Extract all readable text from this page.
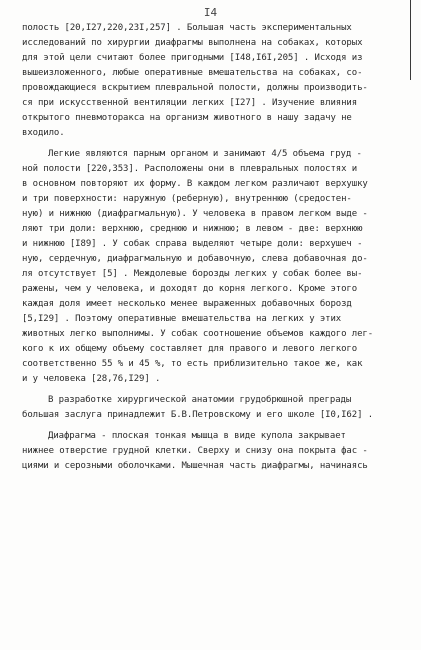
I4
полость [20,I27,220,23I,257] . Большая часть экспериментальных
исследований по хирургии диафрагмы выполнена на собаках, которых
для этой цели считают более пригодными [I48,I6I,205] . Исходя из
вышеизложенного, любые оперативные вмешательства на собаках, со-
провождающиеся вскрытием плевральной полости, должны производить-
ся при искусственной вентиляции легких [I27] . Изучение влияния
открытого пневмоторакса на организм животного в нашу задачу не
входило.
Легкие являются парным органом и занимают 4/5 объема груд -
ной полости [220,353]. Расположены они в плевральных полостях и
в основном повторяют их форму. В каждом легком различают верхушку
и три поверхности: наружную (реберную), внутреннюю (средостен-
ную) и нижнюю (диафрагмальную). У человека в правом легком выде -
ляют три доли: верхнюю, среднюю и нижнюю; в левом - две: верхнюю
и нижнюю [I89] . У собак справа выделяют четыре доли: верхушеч -
ную, сердечную, диафрагмальную и добавочную, слева добавочная до-
ля отсутствует [5] . Междолевые борозды легких у собак более вы-
ражены, чем у человека, и доходят до корня легкого. Кроме этого
каждая доля имеет несколько менее выраженных добавочных борозд
[5,I29] . Поэтому оперативные вмешательства на легких у этих
животных легко выполнимы. У собак соотношение объемов каждого лег-
кого к их общему объему составляет для правого и левого легкого
соответственно 55 % и 45 %, то есть приблизительно такое же, как
и у человека [28,76,I29] .
В разработке хирургической анатомии грудобрюшной преграды
большая заслуга принадлежит Б.В.Петровскому и его школе [I0,I62] .
Диафрагма - плоская тонкая мышца в виде купола закрывает
нижнее отверстие грудной клетки. Сверху и снизу она покрыта фас -
циями и серозными оболочками. Мышечная часть диафрагмы, начинаясь
